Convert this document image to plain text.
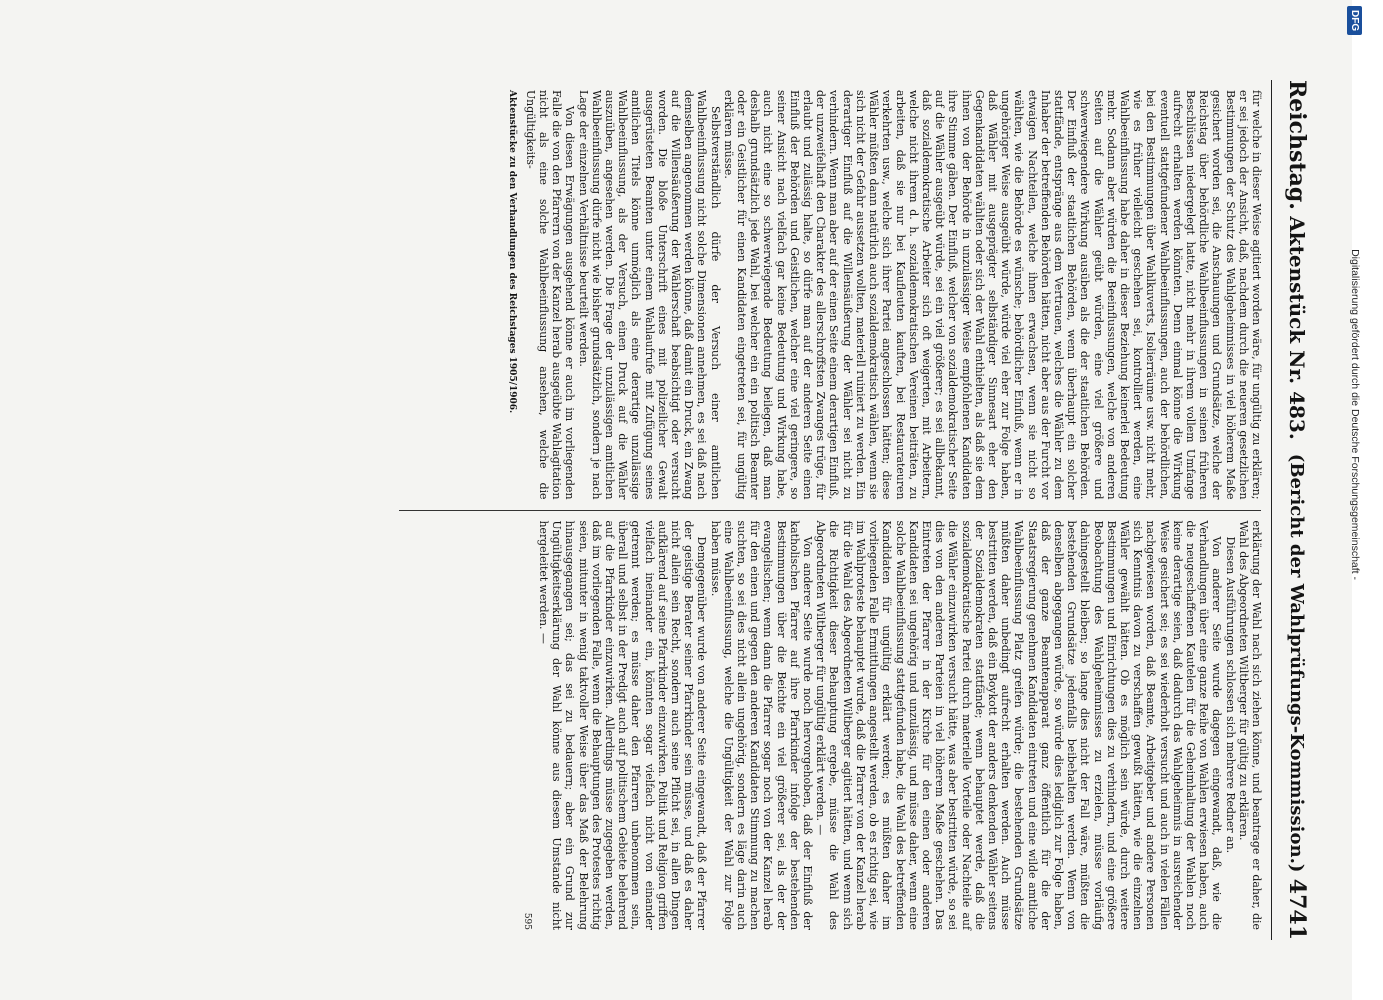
DFG
Digitalisierung gefördert durch die Deutsche Forschungsgemeinschaft -
Reichstag.
Aktenstück Nr. 483.
(Bericht der Wahlprüfungs-Kommission.)
4741

für welche in dieser Weise agitiert worden wäre, für ungültig zu erklären; er sei jedoch der Ansicht, daß, nachdem durch die neueren gesetzlichen Bestimmungen der Schutz des Wahlgeheimnisses in viel höherem Maße gesichert worden sei, die Anschauungen und Grundsätze, welche der Reichstag über behördliche Wahlbeeinflussungen in seinen früheren Beschlüssen niedergelegt hatte, nicht mehr in ihrem vollem Umfange aufrecht erhalten werden könnten. Denn einmal könne die Wirkung eventuell stattgefundener Wahlbeeinflussungen, auch der behördlichen, bei den Bestimmungen über Wahlkuverts, Isolierräume usw. nicht mehr, wie es früher vielleicht geschehen sei, kontrolliert werden, eine Wahlbeeinflussung habe daher in dieser Beziehung keinerlei Bedeutung mehr. Sodann aber würden die Beeinflussungen, welche von anderen Seiten auf die Wähler geübt würden, eine viel größere und schwerwiegendere Wirkung ausüben als die der staatlichen Behörden. Der Einfluß der staatlichen Behörden, wenn überhaupt ein solcher stattfände, entspränge aus dem Vertrauen, welches die Wähler zu dem Inhaber der betreffenden Behörden hätten, nicht aber aus der Furcht vor etwaigen Nachteilen, welche ihnen erwachsen, wenn sie nicht so wählten, wie die Behörde es wünsche; behördlicher Einfluß, wenn er in ungehöriger Weise ausgeübt würde, würde viel eher zur Folge haben, daß Wähler mit ausgeprägter selbständiger Sinnesart eher den Gegenkandidaten wählten oder sich der Wahl enthielten, als daß sie dem ihnen von der Behörde in unzulässiger Weise empfohlenen Kandidaten ihre Stimme gäben. Der Einfluß, welcher von sozialdemokratischer Seite auf die Wähler ausgeübt würde, sei ein viel größerer; es sei allbekannt, daß sozialdemokratische Arbeiter sich oft weigerten, mit Arbeitern, welche nicht ihrem d. h. sozialdemokratischen Vereinen beiträten, zu arbeiten, daß sie nur bei Kaufleuten kauften, bei Restaurateuren verkehrten usw., welche sich ihrer Partei angeschlossen hätten; diese Wähler müßten dann natürlich auch sozialdemokratisch wählen, wenn sie sich nicht der Gefahr aussetzen wollten, materiell ruiniert zu werden. Ein derartiger Einfluß auf die Willensäußerung der Wähler sei nicht zu verhindern. Wenn man aber auf der einen Seite einem derartigen Einfluß, der unzweifelhaft den Charakter des allerschroffsten Zwanges trüge, für erlaubt und zulässig halte, so dürfe man auf der anderen Seite einen Einfluß der Behörden und Geistlichen, welcher eine viel geringere, so seiner Ansicht nach vielfach gar keine Bedeutung und Wirkung habe, auch nicht eine so schwerwiegende Bedeutung beilegen, daß man deshalb grundsätzlich jede Wahl, bei welcher ein ein politisch Beamter oder ein Geistlicher für einen Kandidaten eingetreten sei, für ungültig erklären müsse.

Selbstverständlich dürfe der Versuch einer amtlichen Wahlbeeinflussung nicht solche Dimensionen annehmen, es sei daß nach demselben angenommen werden könne, daß damit ein Druck, ein Zwang auf die Willensäußerung der Wählerschaft beabsichtigt oder versucht worden. Die bloße Unterschrift eines mit polizeilicher Gewalt ausgerüsteten Beamten unter einem Wahlaufrufe mit Zufügung seines amtlichen Titels könne unmöglich als eine derartige unzulässige Wahlbeeinflussung, als der Versuch, einen Druck auf die Wähler auszuüben, angesehen werden. Die Frage der unzulässigen amtlichen Wahlbeeinflussung dürfe nicht wie bisher grundsätzlich, sondern je nach Lage der einzelnen Verhältnisse beurteilt werden.

Von diesen Erwägungen ausgehend könne er auch im vorliegenden Falle die von den Pfarrern von der Kanzel herab ausgeübte Wahlagitation nicht als eine solche Wahlbeeinflussung ansehen, welche die Ungültigkeits-

Aktenstücke zu den Verhandlungen des Reichstages 1905/1906.

erklärung der Wahl nach sich ziehen könne, und beantrage er daher, die Wahl des Abgeordneten Wiltberger für gültig zu erklären.

Diesen Ausführungen schlossen sich mehrere Redner an.

Von anderer Seite wurde dagegen eingewandt, daß, wie die Verhandlungen über eine ganze Reihe von Wahlen erwiesen haben, auch die neugeschaffenen Kautelen für die Geheimhaltung der Wahlen noch keine derartige seien, daß dadurch das Wahlgeheimnis in ausreichender Weise gesichert sei; es sei wiederholt versucht und auch in vielen Fällen nachgewiesen worden, daß Beamte, Arbeitgeber und andere Personen sich Kenntnis davon zu verschaffen gewußt hätten, wie die einzelnen Wähler gewählt hätten. Ob es möglich sein würde, durch weitere Bestimmungen und Einrichtungen dies zu verhindern, und eine größere Beobachtung des Wahlgeheimnisses zu erzielen, müsse vorläufig dahingestellt bleiben; so lange dies nicht der Fall wäre, müßten die bestehenden Grundsätze jedenfalls beibehalten werden. Wenn von denselben abgegangen würde, so würde dies lediglich zur Folge haben, daß der ganze Beamtenapparat ganz öffentlich für die der Staatsregierung genehmen Kandidaten eintreten und eine wilde amtliche Wahlbeeinflussung Platz greifen würde; die bestehenden Grundsätze müßten daher unbedingt aufrecht erhalten werden. Auch müsse bestritten werden, daß ein Boykott der anders denkenden Wähler seitens der Sozialdemokraten stattfände; wenn behauptet werde, daß die sozialdemokratische Partei durch materielle Vorteile oder Nachteile auf die Wähler einzuwirken versucht hätte, was aber bestritten würde, so sei dies von den anderen Parteien in viel höherem Maße geschehen. Das Eintreten der Pfarrer in der Kirche für den einen oder anderen Kandidaten sei ungehörig und unzulässig, und müsse daher, wenn eine solche Wahlbeeinflussung stattgefunden habe, die Wahl des betreffenden Kandidaten für ungültig erklärt werden; es müßten daher im vorliegenden Falle Ermittlungen angestellt werden, ob es richtig sei, wie im Wahlproteste behauptet wurde, daß die Pfarrer von der Kanzel herab für die Wahl des Abgeordneten Wiltberger agitiert hätten, und wenn sich die Richtigkeit dieser Behauptung ergebe, müsse die Wahl des Abgeordneten Wiltberger für ungültig erklärt werden. —

Von anderer Seite wurde noch hervorgehoben, daß der Einfluß der katholischen Pfarrer auf ihre Pfarrkinder infolge der bestehenden Bestimmungen über die Beichte ein viel größerer sei, als der der evangelischen; wenn dann die Pfarrer sogar noch von der Kanzel herab für den einen und gegen den anderen Kandidaten Stimmung zu machen suchten, so sei dies nicht allein ungehörig, sondern es läge darin auch eine Wahlbeeinflussung, welche die Ungültigkeit der Wahl zur Folge haben müsse.

Demgegenüber wurde von anderer Seite eingewandt, daß der Pfarrer der geistige Berater seiner Pfarrkinder sein müsse, und daß es daher nicht allein sein Recht, sondern auch seine Pflicht sei, in allen Dingen aufklärend auf seine Pfarrkinder einzuwirken. Politik und Religion griffen vielfach ineinander ein, könnten sogar vielfach nicht von einander getrennt werden; es müsse daher den Pfarrern unbenommen sein, überall und selbst in der Predigt auch auf politischem Gebiete belehrend auf die Pfarrkinder einzuwirken. Allerdings müsse zugegeben werden, daß im vorliegenden Falle, wenn die Behauptungen des Protestes richtig seien, mitunter in wenig taktvoller Weise über das Maß der Belehrung hinausgegangen sei; das sei zu bedauern; aber ein Grund zur Ungültigkeitserklärung der Wahl könne aus diesem Umstande nicht hergeleitet werden. —

595
